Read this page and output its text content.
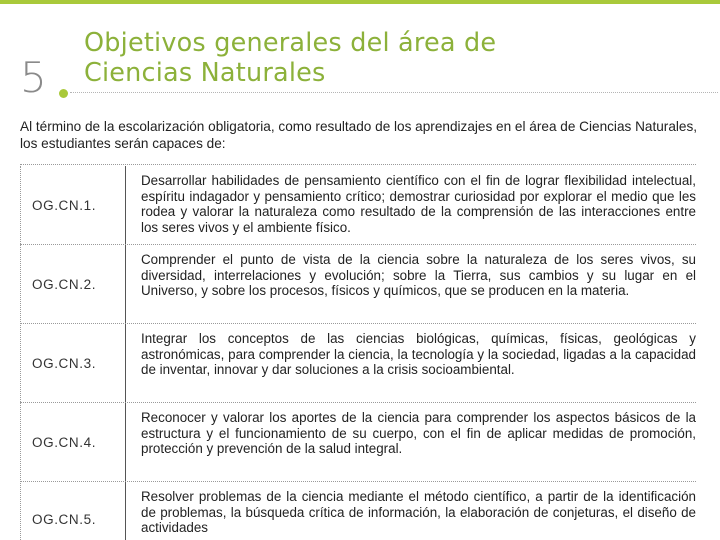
5
Objetivos generales del área de
Ciencias Naturales

Al término de la escolarización obligatoria, como resultado de los aprendizajes en el área de Ciencias Naturales, los estudiantes serán capaces de:

OG.CN.1.
Desarrollar habilidades de pensamiento científico con el fin de lograr flexibilidad intelectual, espíritu indagador y pensamiento crítico; demostrar curiosidad por explorar el medio que les rodea y valorar la naturaleza como resultado de la comprensión de las interacciones entre los seres vivos y el ambiente físico.
OG.CN.2.
Comprender el punto de vista de la ciencia sobre la naturaleza de los seres vivos, su diversidad, interrelaciones y evolución; sobre la Tierra, sus cambios y su lugar en el Universo, y sobre los procesos, físicos y químicos, que se producen en la materia.
OG.CN.3.
Integrar los conceptos de las ciencias biológicas, químicas, físicas, geológicas y astronómicas, para comprender la ciencia, la tecnología y la sociedad, ligadas a la capacidad de inventar, innovar y dar soluciones a la crisis socioambiental.
OG.CN.4.
Reconocer y valorar los aportes de la ciencia para comprender los aspectos básicos de la estructura y el funcionamiento de su cuerpo, con el fin de aplicar medidas de promoción, protección y prevención de la salud integral.
OG.CN.5.
Resolver problemas de la ciencia mediante el método científico, a partir de la identificación de problemas, la búsqueda crítica de información, la elaboración de conjeturas, el diseño de actividades
